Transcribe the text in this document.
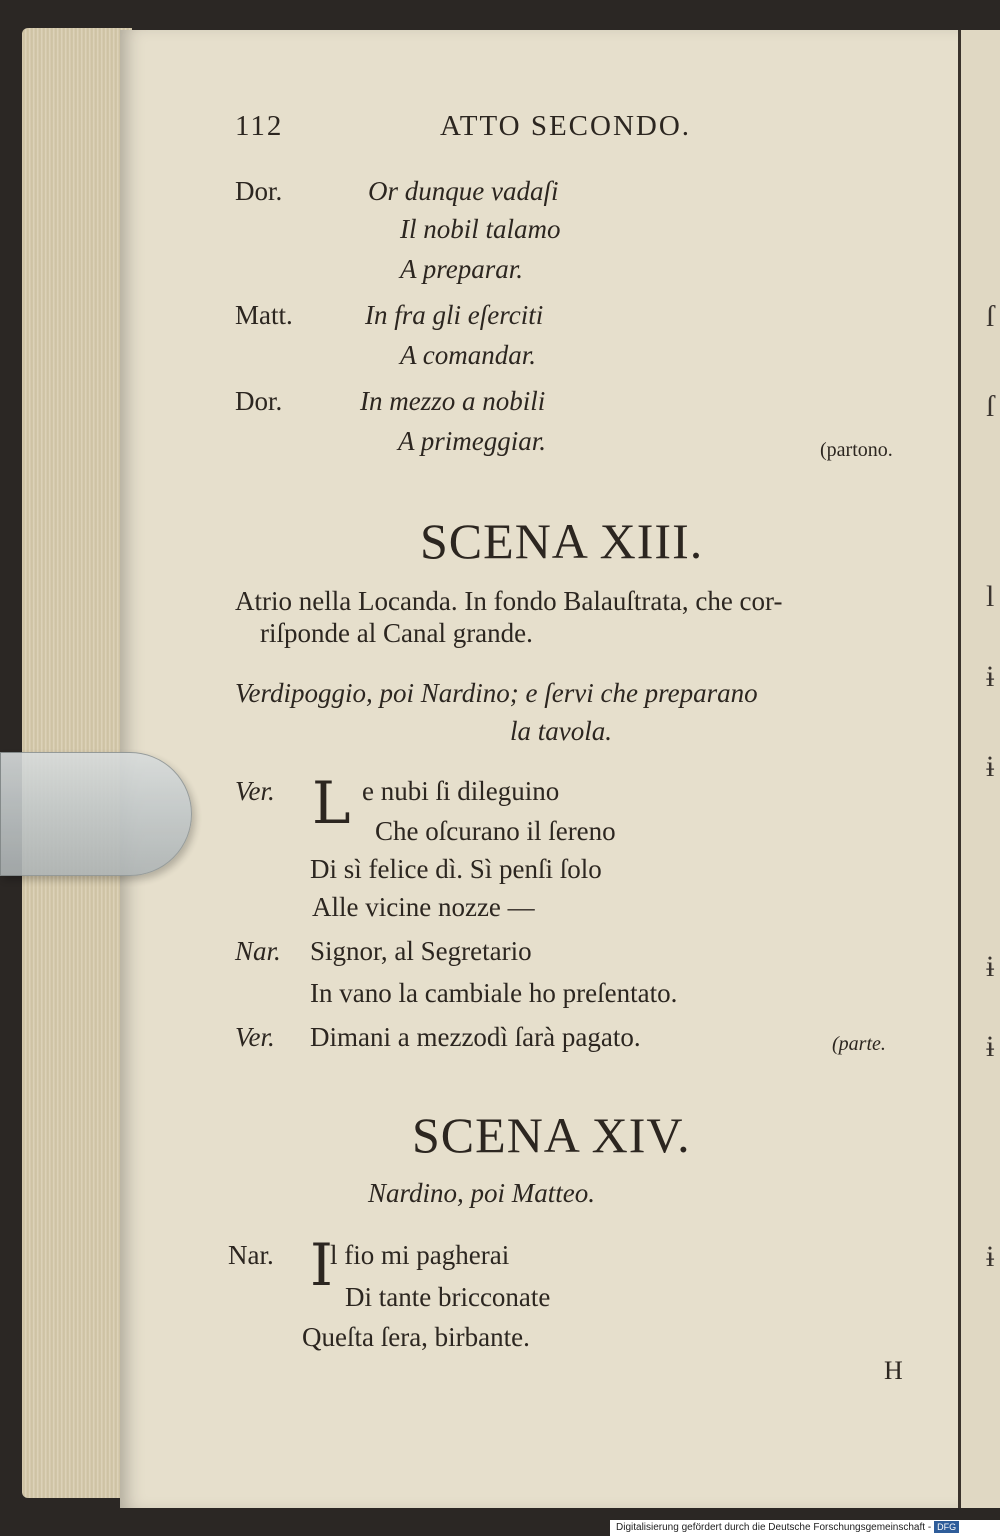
ſ
ſ
l
ɨ
ɨ
ɨ
ɨ
ɨ
112	ATTO SECONDO.
Dor.	Or dunque vadaſi
Il nobil talamo
A preparar.
Matt.	In fra gli eſerciti
A comandar.
Dor.	In mezzo a nobili
A primeggiar.	(partono.
SCENA XIII.
Atrio nella Locanda. In fondo Balauſtrata, che cor-
riſponde al Canal grande.
Verdipoggio, poi Nardino; e ſervi che preparano
la tavola.
Ver. L e nubi ſi dileguino
Che oſcurano il ſereno
Di sì felice dì. Sì penſi ſolo
Alle vicine nozze —
Nar. Signor, al Segretario
In vano la cambiale ho preſentato.
Ver. Dimani a mezzodì ſarà pagato.	(parte.
SCENA XIV.
Nardino, poi Matteo.
Nar. I
l fio mi pagherai
Di tante bricconate
Queſta ſera, birbante.
H
Digitalisierung gefördert durch die Deutsche Forschungsgemeinschaft - DFG
